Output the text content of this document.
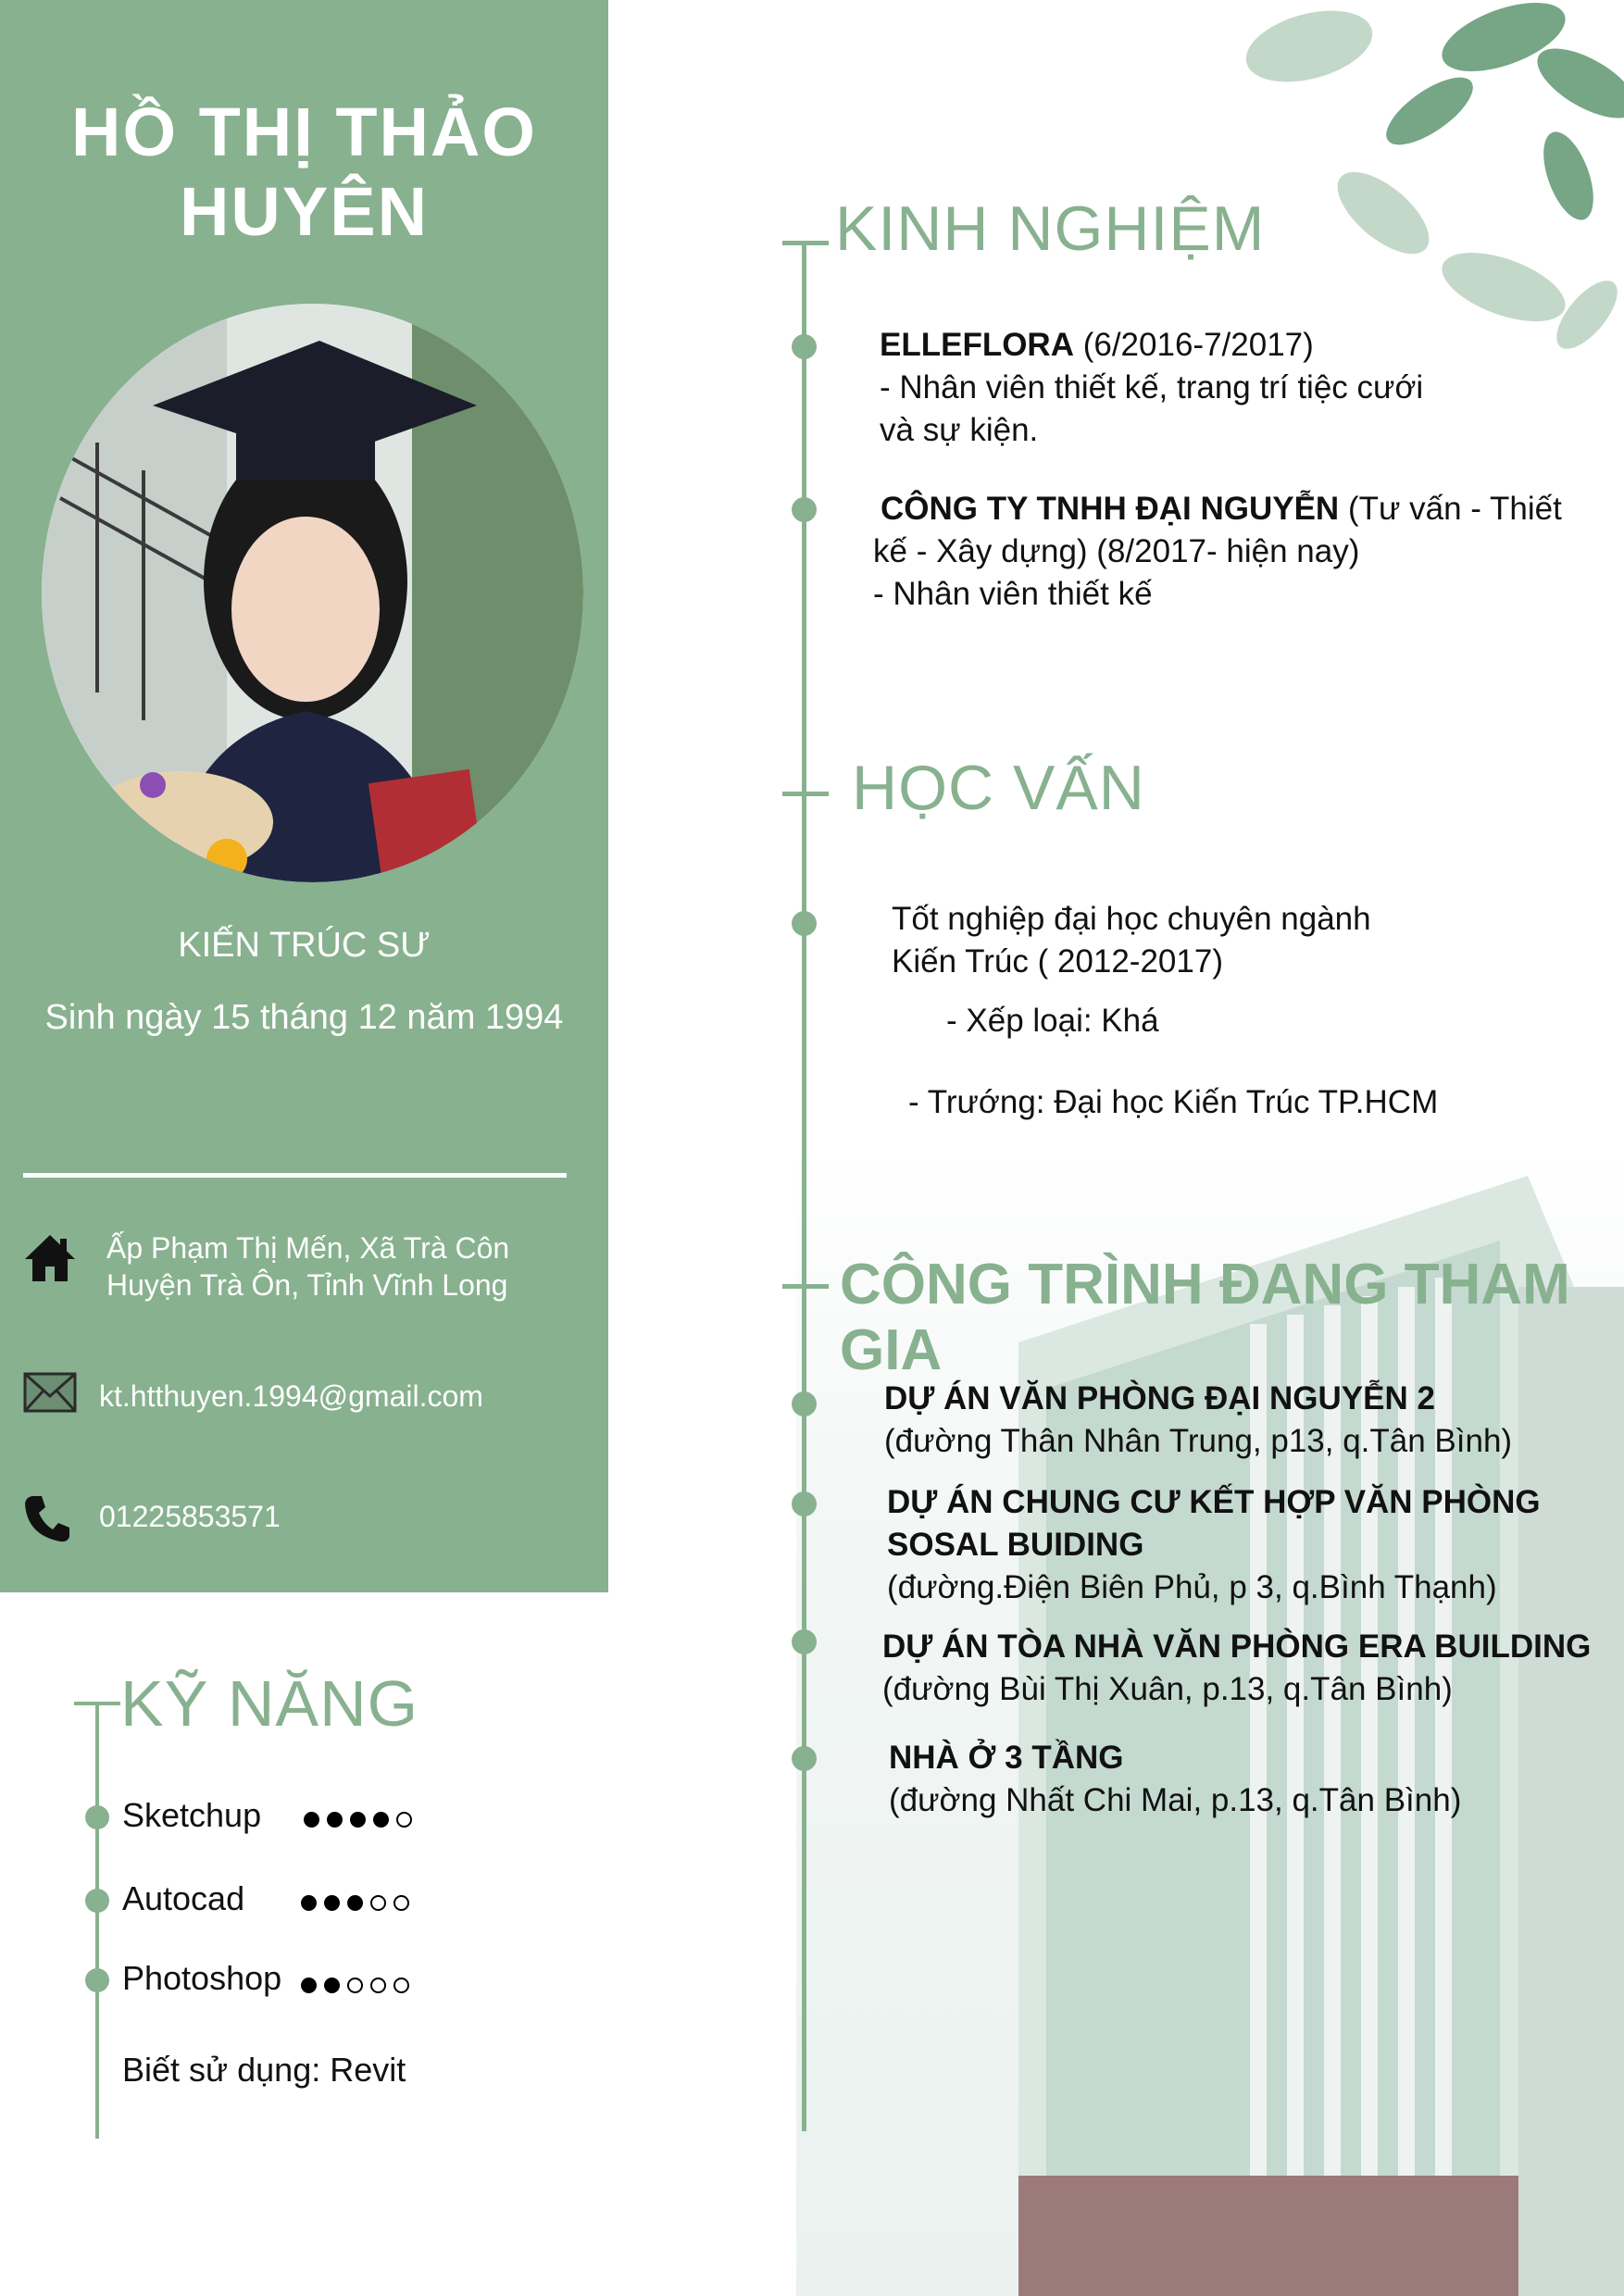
HỒ THỊ THẢO
HUYÊN
KIẾN TRÚC SƯ
Sinh ngày 15 tháng 12 năm 1994
Ấp Phạm Thị Mến, Xã Trà Côn
Huyện Trà Ôn, Tỉnh Vĩnh Long
kt.htthuyen.1994@gmail.com
01225853571
KỸ NĂNG
Sketchup
Autocad
Photoshop
Biết sử dụng: Revit
KINH NGHIỆM
ELLEFLORA (6/2016-7/2017)
- Nhân viên thiết kế, trang trí tiệc cưới
và sự kiện.
CÔNG TY TNHH ĐẠI NGUYỄN (Tư vấn - Thiết
kế - Xây dựng) (8/2017- hiện nay)
- Nhân viên thiết kế
HỌC VẤN
Tốt nghiệp đại học chuyên ngành
Kiến Trúc ( 2012-2017)
- Xếp loại: Khá
- Trướng: Đại học Kiến Trúc TP.HCM
CÔNG TRÌNH ĐANG THAM GIA
DỰ ÁN VĂN PHÒNG ĐẠI NGUYỄN 2
(đường Thân Nhân Trung, p13, q.Tân Bình)
DỰ ÁN CHUNG CƯ KẾT HỢP VĂN PHÒNG
SOSAL BUIDING
(đường.Điện Biên Phủ, p 3, q.Bình Thạnh)
DỰ ÁN TÒA NHÀ VĂN PHÒNG ERA BUILDING
(đường Bùi Thị Xuân, p.13, q.Tân Bình)
NHÀ Ở 3 TẦNG
(đường Nhất Chi Mai, p.13, q.Tân Bình)
